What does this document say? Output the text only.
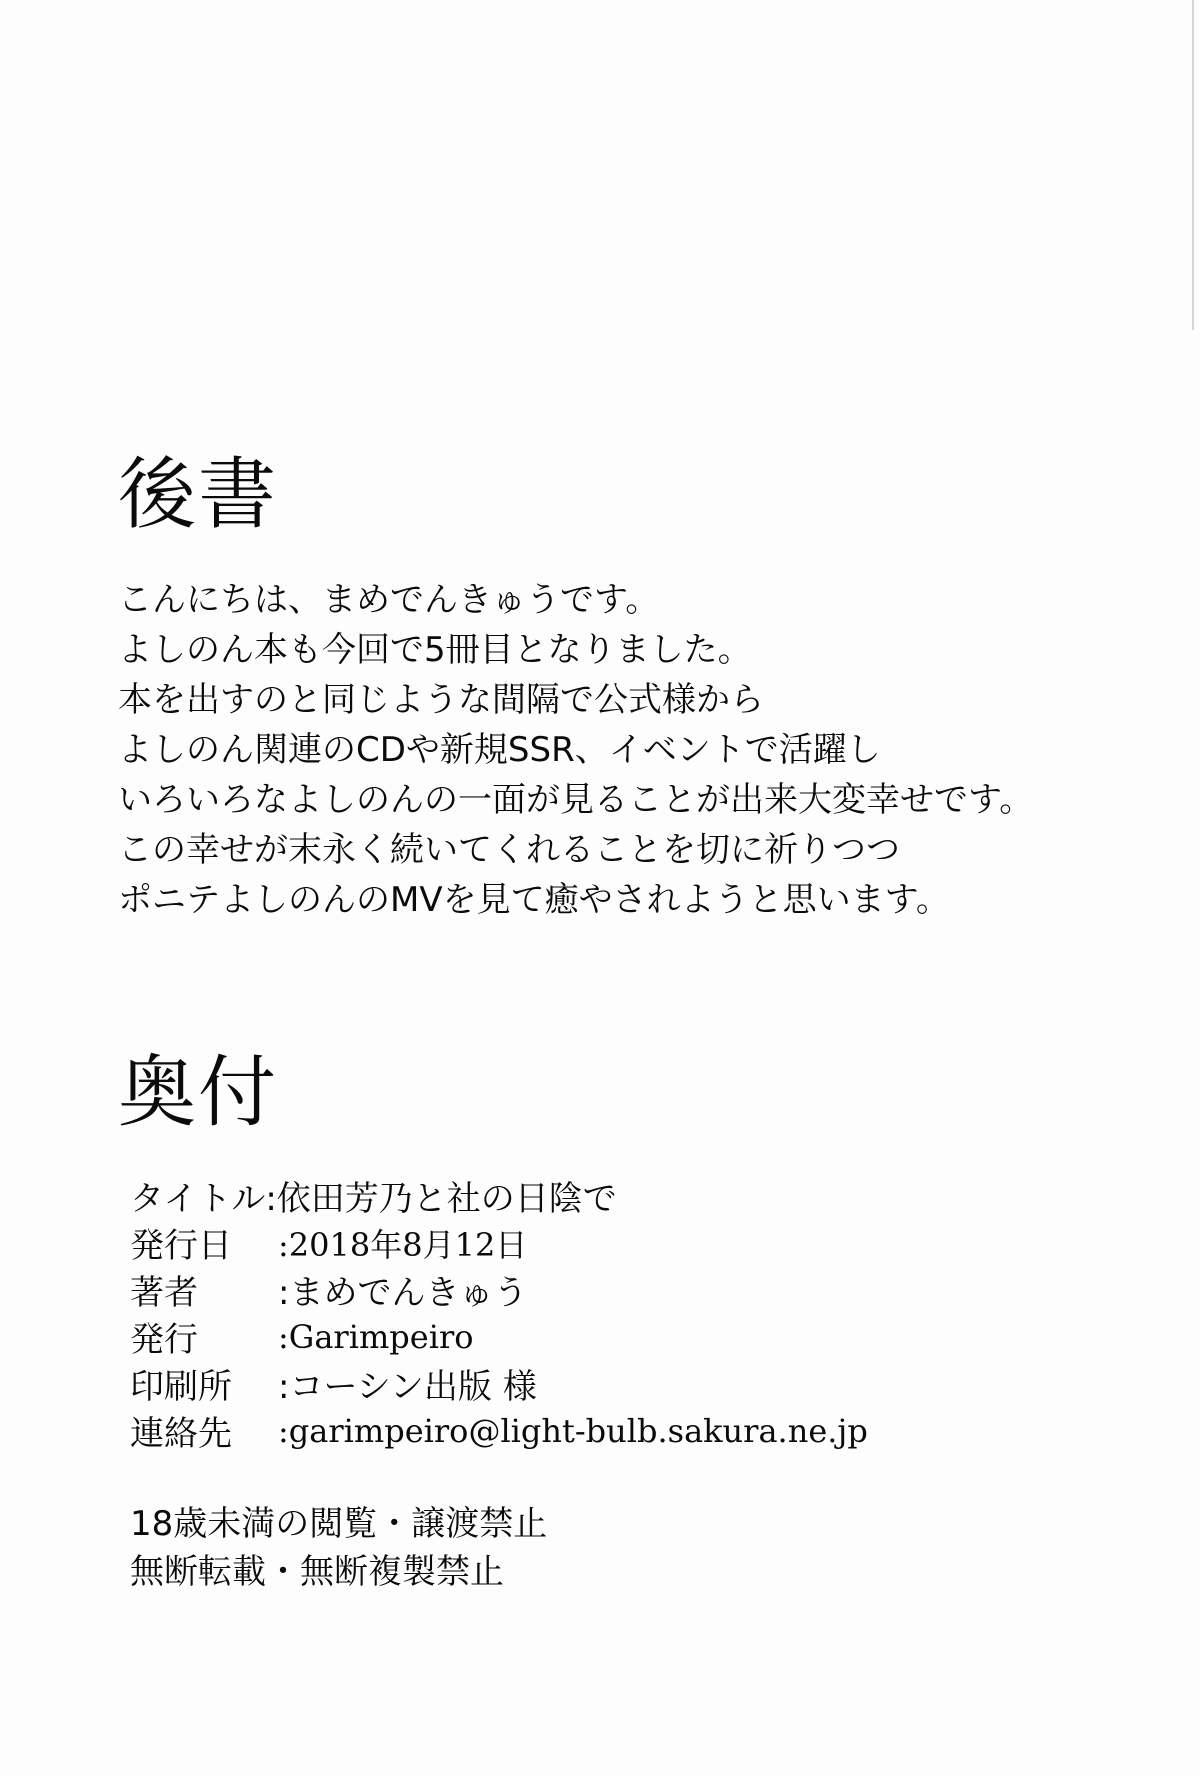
後書
こんにちは、まめでんきゅうです。
よしのん本も今回で5冊目となりました。
本を出すのと同じような間隔で公式様から
よしのん関連のCDや新規SSR、イベントで活躍し
いろいろなよしのんの一面が見ることが出来大変幸せです。
この幸せが末永く続いてくれることを切に祈りつつ
ポニテよしのんのMVを見て癒やされようと思います。
奥付
タイトル :依田芳乃と社の日陰で
発行日	:2018年8月12日
著者	:まめでんきゅう
発行	:Garimpeiro
印刷所	:コーシン出版 様
連絡先	:garimpeiro@light-bulb.sakura.ne.jp
18歳未満の閲覧・譲渡禁止
無断転載・無断複製禁止
